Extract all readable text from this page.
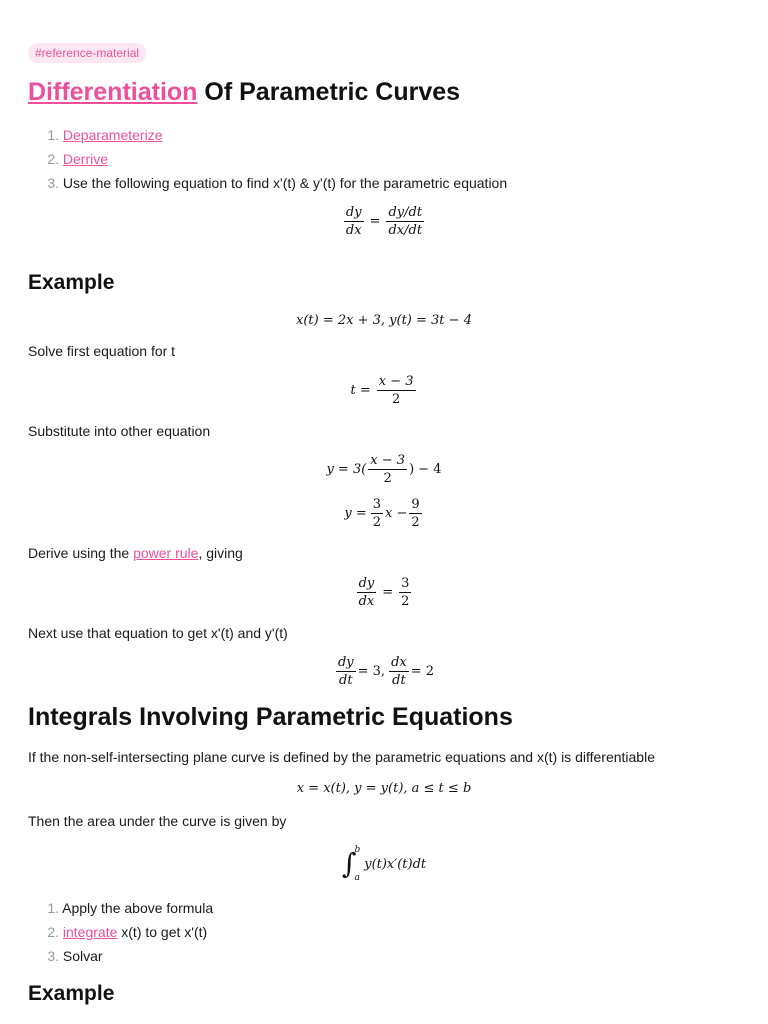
#reference-material
Differentiation Of Parametric Curves
1. Deparameterize
2. Derrive
3. Use the following equation to find x'(t) & y'(t) for the parametric equation
$\frac{dy}{dx} = \frac{dy/dt}{dx/dt}$
Example
x(t) = 2x + 3, y(t) = 3t − 4
Solve first equation for t
$t = \frac{x - 3}{2}$
Substitute into other equation
$y = 3( \frac{x - 3}{2}$ ) − 4
$y = \frac{3}{2}$ $x - \frac{9}{2}$
Derive using the power rule, giving
$\frac{dy}{dx} = \frac{3}{2}$
Next use that equation to get x'(t) and y'(t)
$\frac{dy}{dt} = 3$, $\frac{dx}{dt} = 2$
Integrals Involving Parametric Equations
If the non-self-intersecting plane curve is defined by the parametric equations and x(t) is differentiable
x = x(t), y = y(t), a ≤ t ≤ b
Then the area under the curve is given by
∫
b
a
y(t)x′(t)dt
1. Apply the above formula
2. integrate x(t) to get x'(t)
3. Solvar
Example
